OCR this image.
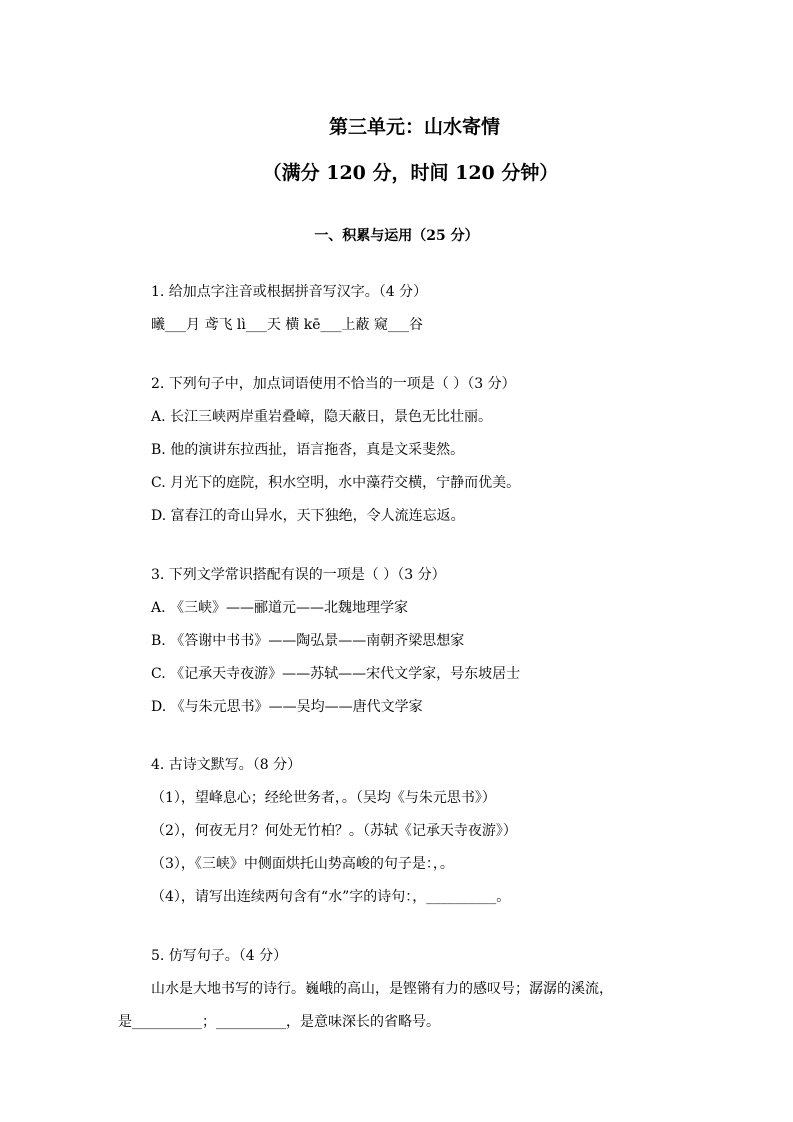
第三单元：山水寄情
（满分 120 分，时间 120 分钟）
一、积累与运用（25 分）
1. 给加点字注音或根据拼音写汉字。（4 分）
曦___月 鸢飞 lì___天 横 kē___上蔽 窥___谷
2. 下列句子中，加点词语使用不恰当的一项是（ ）（3 分）
A. 长江三峡两岸重岩叠嶂，隐天蔽日，景色无比壮丽。
B. 他的演讲东拉西扯，语言拖沓，真是文采斐然。
C. 月光下的庭院，积水空明，水中藻荇交横，宁静而优美。
D. 富春江的奇山异水，天下独绝，令人流连忘返。
3. 下列文学常识搭配有误的一项是（ ）（3 分）
A. 《三峡》——郦道元——北魏地理学家
B. 《答谢中书书》——陶弘景——南朝齐梁思想家
C. 《记承天寺夜游》——苏轼——宋代文学家，号东坡居士
D. 《与朱元思书》——吴均——唐代文学家
4. 古诗文默写。（8 分）
（1），望峰息心；经纶世务者，。（吴均《与朱元思书》）
（2），何夜无月？何处无竹柏？。（苏轼《记承天寺夜游》）
（3），《三峡》中侧面烘托山势高峻的句子是：，。
（4），请写出连续两句含有“水”字的诗句：，__________。
5. 仿写句子。（4 分）
山水是大地书写的诗行。巍峨的高山，是铿锵有力的感叹号；潺潺的溪流，
是__________；__________，是意味深长的省略号。
